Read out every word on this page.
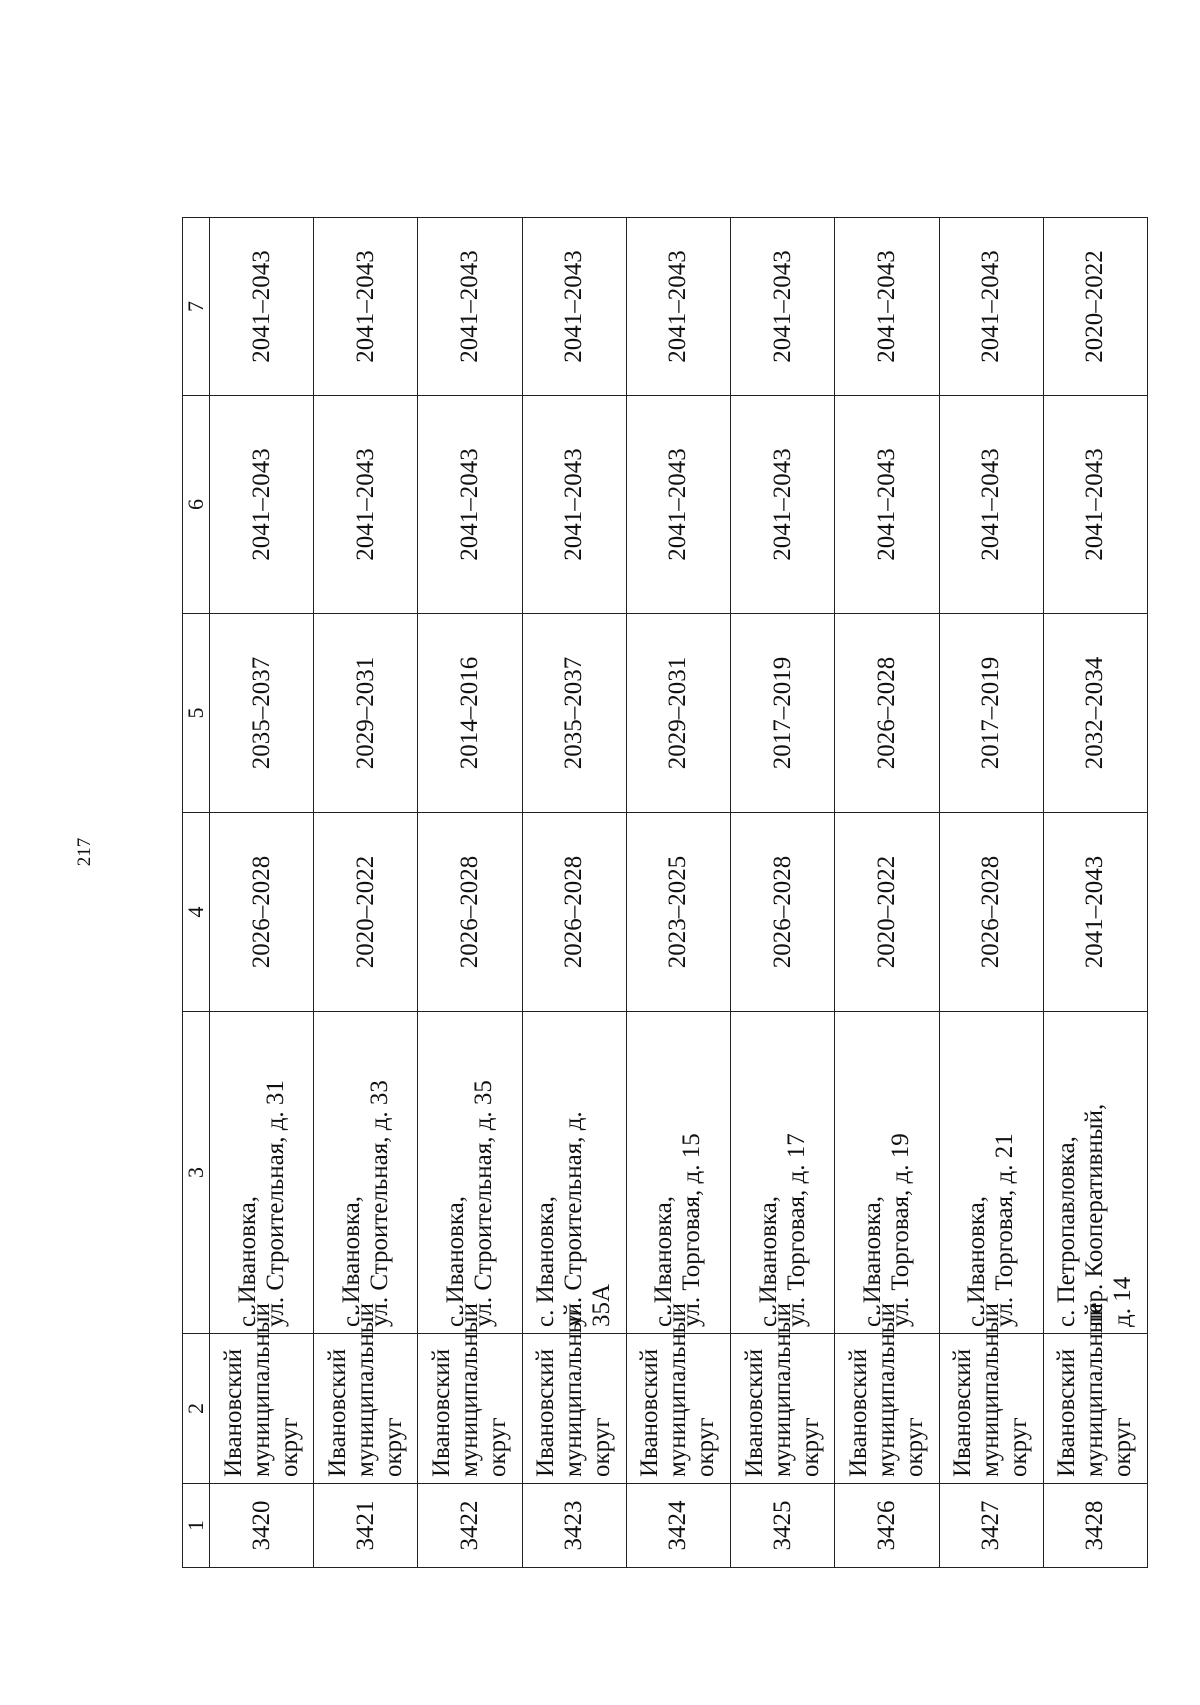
217
1	2	3	4	5	6	7
3420	Ивановский
муниципальный
округ	с. Ивановка,
ул. Строительная, д. 31	2026–2028	2035–2037	2041–2043	2041–2043
3421	Ивановский
муниципальный
округ	с. Ивановка,
ул. Строительная, д. 33	2020–2022	2029–2031	2041–2043	2041–2043
3422	Ивановский
муниципальный
округ	с. Ивановка,
ул. Строительная, д. 35	2026–2028	2014–2016	2041–2043	2041–2043
3423	Ивановский
муниципальный
округ	с. Ивановка,
ул. Строительная, д.
35А	2026–2028	2035–2037	2041–2043	2041–2043
3424	Ивановский
муниципальный
округ	с. Ивановка,
ул. Торговая, д. 15	2023–2025	2029–2031	2041–2043	2041–2043
3425	Ивановский
муниципальный
округ	с. Ивановка,
ул. Торговая, д. 17	2026–2028	2017–2019	2041–2043	2041–2043
3426	Ивановский
муниципальный
округ	с. Ивановка,
ул. Торговая, д. 19	2020–2022	2026–2028	2041–2043	2041–2043
3427	Ивановский
муниципальный
округ	с. Ивановка,
ул. Торговая, д. 21	2026–2028	2017–2019	2041–2043	2041–2043
3428	Ивановский
муниципальный
округ	с. Петропавловка,
пер. Кооперативный,
д. 14	2041–2043	2032–2034	2041–2043	2020–2022
